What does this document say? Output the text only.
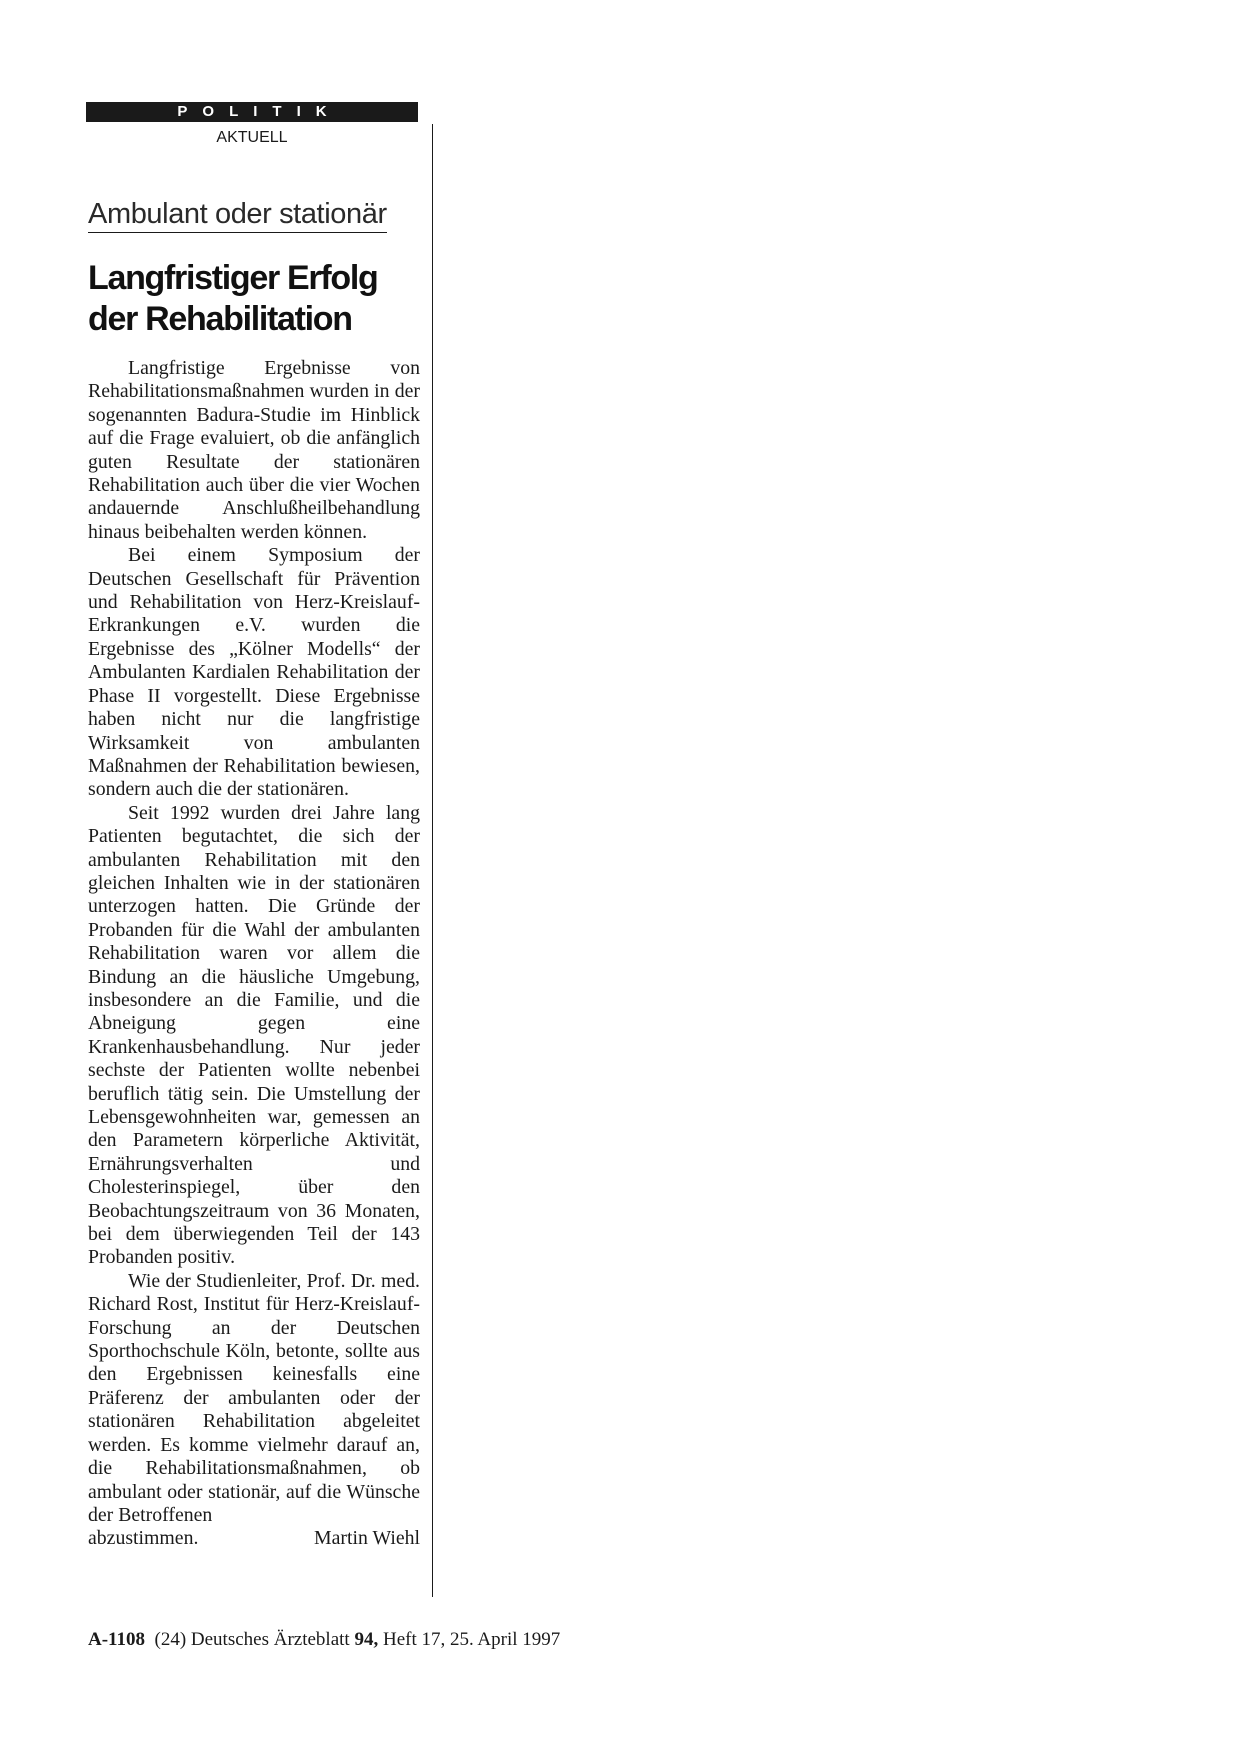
POLITIK
AKTUELL
Ambulant oder stationär
Langfristiger Erfolg
der Rehabilitation

Langfristige Ergebnisse von Rehabilitationsmaßnahmen wurden in der sogenannten Badura-Studie im Hinblick auf die Frage evaluiert, ob die anfänglich guten Resultate der stationären Rehabilitation auch über die vier Wochen andauernde Anschlußheilbehandlung hinaus beibehalten werden können.

Bei einem Symposium der Deutschen Gesellschaft für Prävention und Rehabilitation von Herz-Kreislauf-Erkrankungen e.V. wurden die Ergebnisse des „Kölner Modells“ der Ambulanten Kardialen Rehabilitation der Phase II vorgestellt. Diese Ergebnisse haben nicht nur die langfristige Wirksamkeit von ambulanten Maßnahmen der Rehabilitation bewiesen, sondern auch die der stationären.

Seit 1992 wurden drei Jahre lang Patienten begutachtet, die sich der ambulanten Rehabilitation mit den gleichen Inhalten wie in der stationären unterzogen hatten. Die Gründe der Probanden für die Wahl der ambulanten Rehabilitation waren vor allem die Bindung an die häusliche Umgebung, insbesondere an die Familie, und die Abneigung gegen eine Krankenhausbehandlung. Nur jeder sechste der Patienten wollte nebenbei beruflich tätig sein. Die Umstellung der Lebensgewohnheiten war, gemessen an den Parametern körperliche Aktivität, Ernährungsverhalten und Cholesterinspiegel, über den Beobachtungszeitraum von 36 Monaten, bei dem überwiegenden Teil der 143 Probanden positiv.

Wie der Studienleiter, Prof. Dr. med. Richard Rost, Institut für Herz-Kreislauf-Forschung an der Deutschen Sporthochschule Köln, betonte, sollte aus den Ergebnissen keinesfalls eine Präferenz der ambulanten oder der stationären Rehabilitation abgeleitet werden. Es komme vielmehr darauf an, die Rehabilitationsmaßnahmen, ob ambulant oder stationär, auf die Wünsche der Betroffenen
abzustimmen.	Martin Wiehl

A-1108 (24) Deutsches Ärzteblatt 94, Heft 17, 25. April 1997
